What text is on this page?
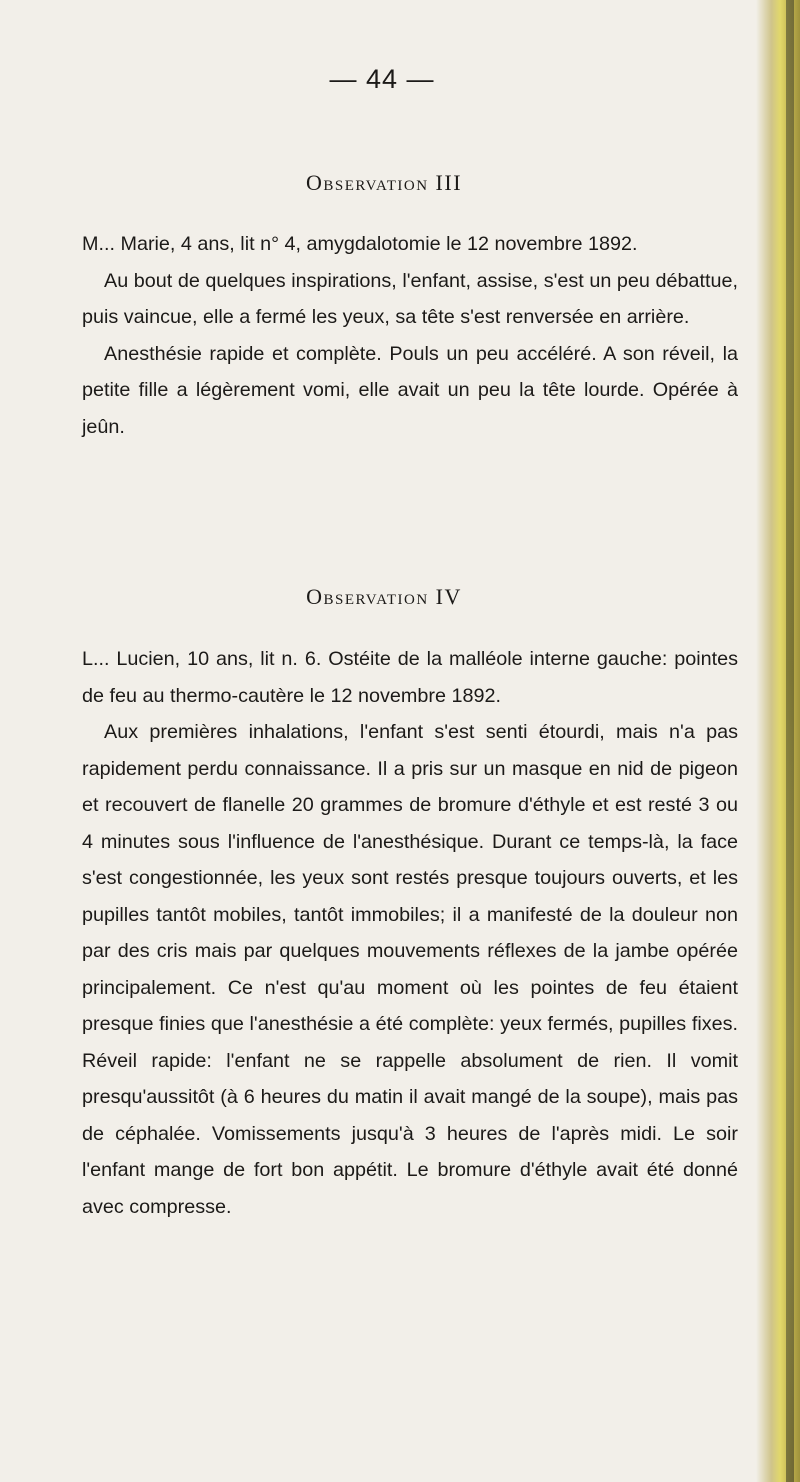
— 44 —
Observation III

M... Marie, 4 ans, lit n° 4, amygdalotomie le 12 novembre 1892.

Au bout de quelques inspirations, l'enfant, assise, s'est un peu débattue, puis vaincue, elle a fermé les yeux, sa tête s'est renversée en arrière.

Anesthésie rapide et complète. Pouls un peu accéléré. A son réveil, la petite fille a légèrement vomi, elle avait un peu la tête lourde. Opérée à jeûn.

Observation IV

L... Lucien, 10 ans, lit n. 6. Ostéite de la malléole interne gauche: pointes de feu au thermo-cautère le 12 novembre 1892.

Aux premières inhalations, l'enfant s'est senti étourdi, mais n'a pas rapidement perdu connaissance. Il a pris sur un masque en nid de pigeon et recouvert de flanelle 20 grammes de bromure d'éthyle et est resté 3 ou 4 minutes sous l'influence de l'anesthésique. Durant ce temps-là, la face s'est congestionnée, les yeux sont restés presque toujours ouverts, et les pupilles tantôt mobiles, tantôt immobiles; il a manifesté de la douleur non par des cris mais par quelques mouvements réflexes de la jambe opérée principalement. Ce n'est qu'au moment où les pointes de feu étaient presque finies que l'anesthésie a été complète: yeux fermés, pupilles fixes. Réveil rapide: l'enfant ne se rappelle absolument de rien. Il vomit presqu'aussitôt (à 6 heures du matin il avait mangé de la soupe), mais pas de céphalée. Vomissements jusqu'à 3 heures de l'après midi. Le soir l'enfant mange de fort bon appétit. Le bromure d'éthyle avait été donné avec compresse.
